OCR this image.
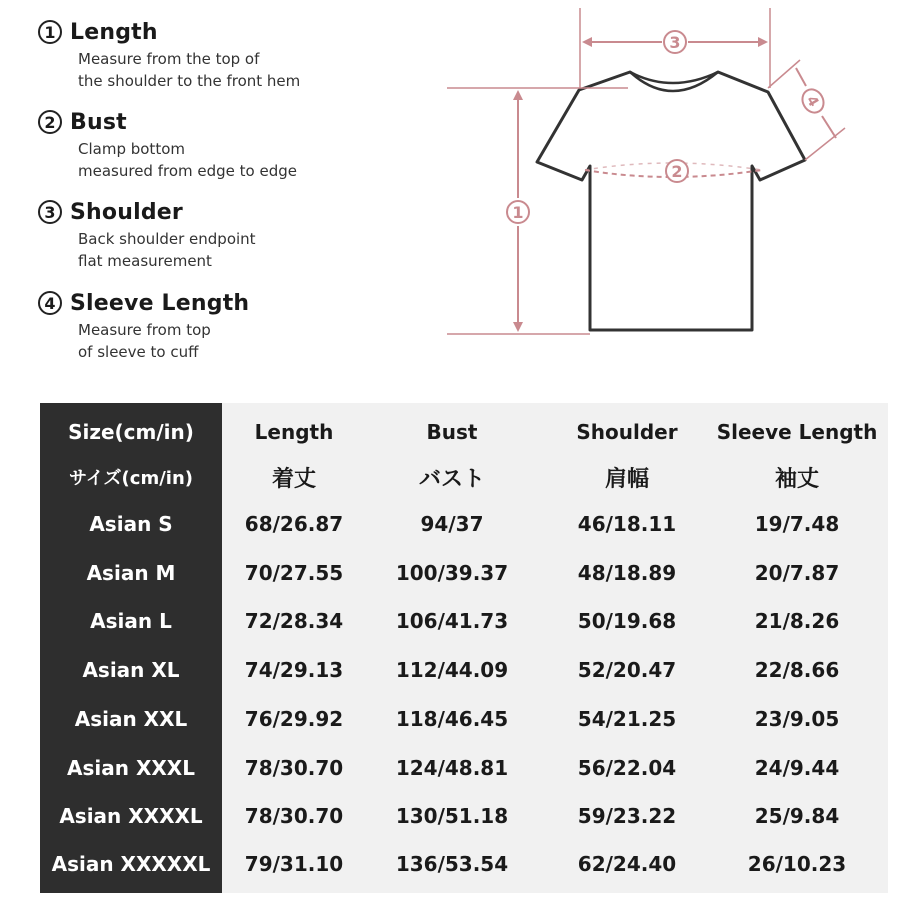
1 Length
Measure from the top of
the shoulder to the front hem
2 Bust
Clamp bottom
measured from edge to edge
3 Shoulder
Back shoulder endpoint
flat measurement
4 Sleeve Length
Measure from top
of sleeve to cuff
3
1
2
4
Size(cm/in)	Length	Bust	Shoulder	Sleeve Length
サイズ(cm/in)	着丈	バスト	肩幅	袖丈
Asian S	68/26.87	94/37	46/18.11	19/7.48
Asian M	70/27.55	100/39.37	48/18.89	20/7.87
Asian L	72/28.34	106/41.73	50/19.68	21/8.26
Asian XL	74/29.13	112/44.09	52/20.47	22/8.66
Asian XXL	76/29.92	118/46.45	54/21.25	23/9.05
Asian XXXL	78/30.70	124/48.81	56/22.04	24/9.44
Asian XXXXL	78/30.70	130/51.18	59/23.22	25/9.84
Asian XXXXXL	79/31.10	136/53.54	62/24.40	26/10.23
